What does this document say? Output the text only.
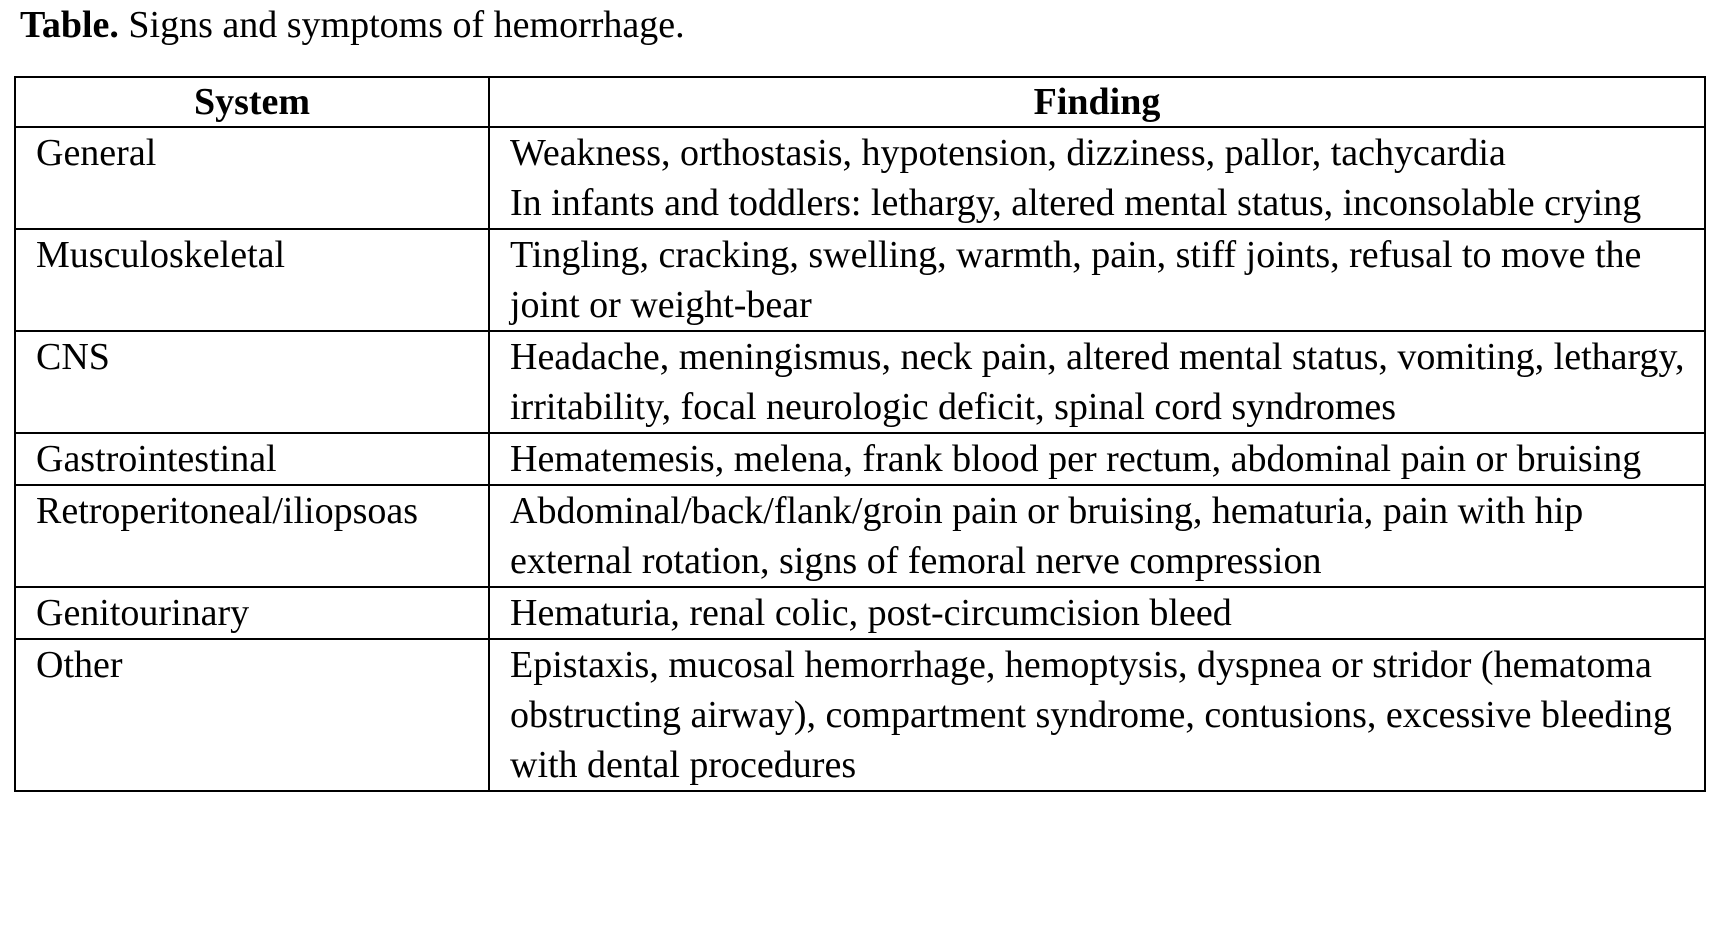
Table. Signs and symptoms of hemorrhage.
System	Finding
General	Weakness, orthostasis, hypotension, dizziness, pallor, tachycardia
In infants and toddlers: lethargy, altered mental status, inconsolable crying

Musculoskeletal	Tingling, cracking, swelling, warmth, pain, stiff joints, refusal to move the joint or weight-bear

CNS	Headache, meningismus, neck pain, altered mental status, vomiting, lethargy, irritability, focal neurologic deficit, spinal cord syndromes

Gastrointestinal	Hematemesis, melena, frank blood per rectum, abdominal pain or bruising

Retroperitoneal/iliopsoas	Abdominal/back/flank/groin pain or bruising, hematuria, pain with hip external rotation, signs of femoral nerve compression

Genitourinary	Hematuria, renal colic, post-circumcision bleed

Other	Epistaxis, mucosal hemorrhage, hemoptysis, dyspnea or stridor (hematoma obstructing airway), compartment syndrome, contusions, excessive bleeding with dental procedures
